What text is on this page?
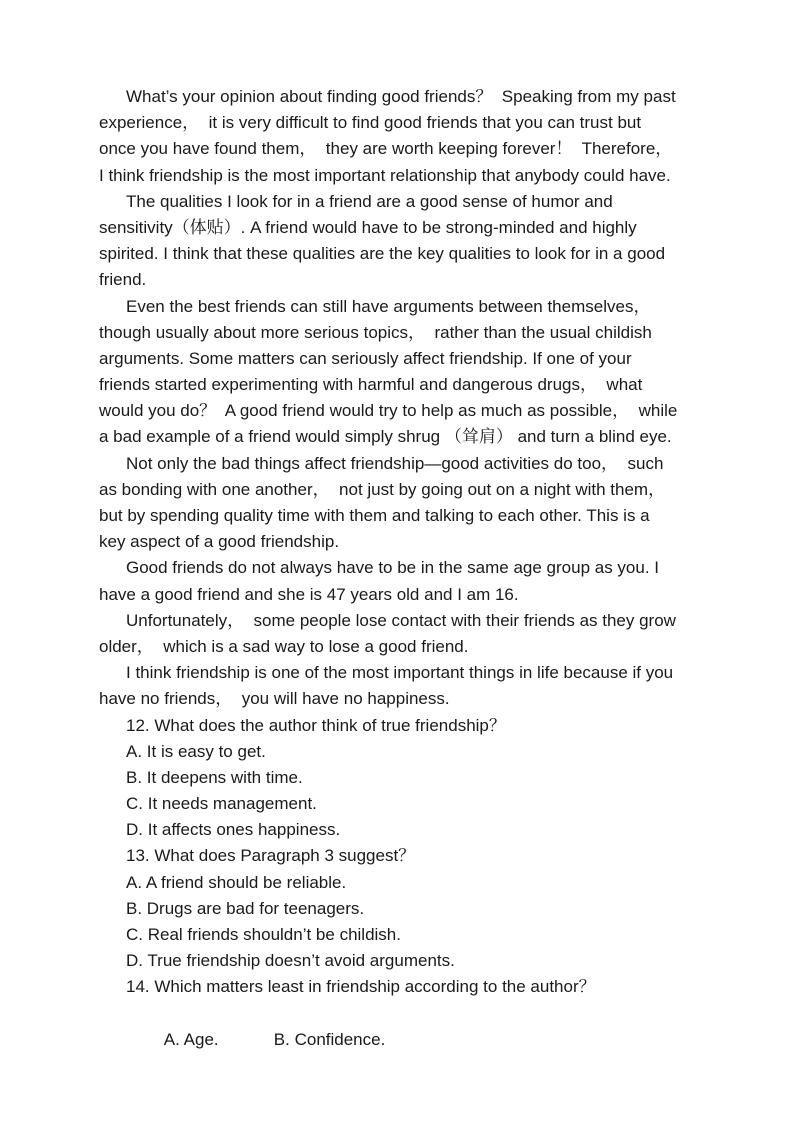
What’s your opinion about finding good friends？  Speaking from my past
experience，  it is very difficult to find good friends that you can trust but
once you have found them，  they are worth keeping forever！  Therefore，
I think friendship is the most important relationship that anybody could have.
The qualities I look for in a friend are a good sense of humor and
sensitivity（体贴）. A friend would have to be strong-minded and highly
spirited. I think that these qualities are the key qualities to look for in a good
friend.
Even the best friends can still have arguments between themselves，
though usually about more serious topics，  rather than the usual childish
arguments. Some matters can seriously affect friendship. If one of your
friends started experimenting with harmful and dangerous drugs，  what
would you do？  A good friend would try to help as much as possible，  while
a bad example of a friend would simply shrug （耸肩） and turn a blind eye.
Not only the bad things affect friendship—good activities do too，  such
as bonding with one another，  not just by going out on a night with them，
but by spending quality time with them and talking to each other. This is a
key aspect of a good friendship.
Good friends do not always have to be in the same age group as you. I
have a good friend and she is 47 years old and I am 16.
Unfortunately，  some people lose contact with their friends as they grow
older，  which is a sad way to lose a good friend.
I think friendship is one of the most important things in life because if you
have no friends，  you will have no happiness.
12. What does the author think of true friendship？
A. It is easy to get.
B. It deepens with time.
C. It needs management.
D. It affects ones happiness.
13. What does Paragraph 3 suggest？
A. A friend should be reliable.
B. Drugs are bad for teenagers.
C. Real friends shouldn’t be childish.
D. True friendship doesn’t avoid arguments.
14. Which matters least in friendship according to the author？

A. Age.	B. Confidence.
